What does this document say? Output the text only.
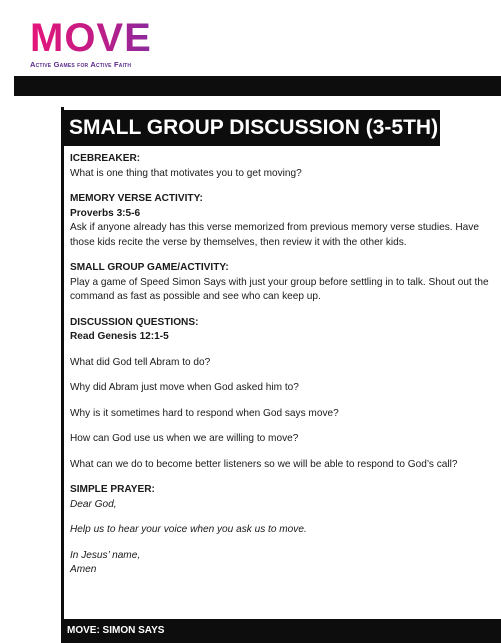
MOVE
Active Games for Active Faith
SMALL GROUP DISCUSSION (3-5TH)
ICEBREAKER:

What is one thing that motivates you to get moving?

MEMORY VERSE ACTIVITY:
Proverbs 3:5-6

Ask if anyone already has this verse memorized from previous memory verse studies. Have those kids recite the verse by themselves, then review it with the other kids.

SMALL GROUP GAME/ACTIVITY:

Play a game of Speed Simon Says with just your group before settling in to talk. Shout out the command as fast as possible and see who can keep up.

DISCUSSION QUESTIONS:
Read Genesis 12:1-5

What did God tell Abram to do?

Why did Abram just move when God asked him to?

Why is it sometimes hard to respond when God says move?

How can God use us when we are willing to move?

What can we do to become better listeners so we will be able to respond to God’s call?

SIMPLE PRAYER:

Dear God,

Help us to hear your voice when you ask us to move.

In Jesus’ name,

Amen

MOVE: SIMON SAYS
